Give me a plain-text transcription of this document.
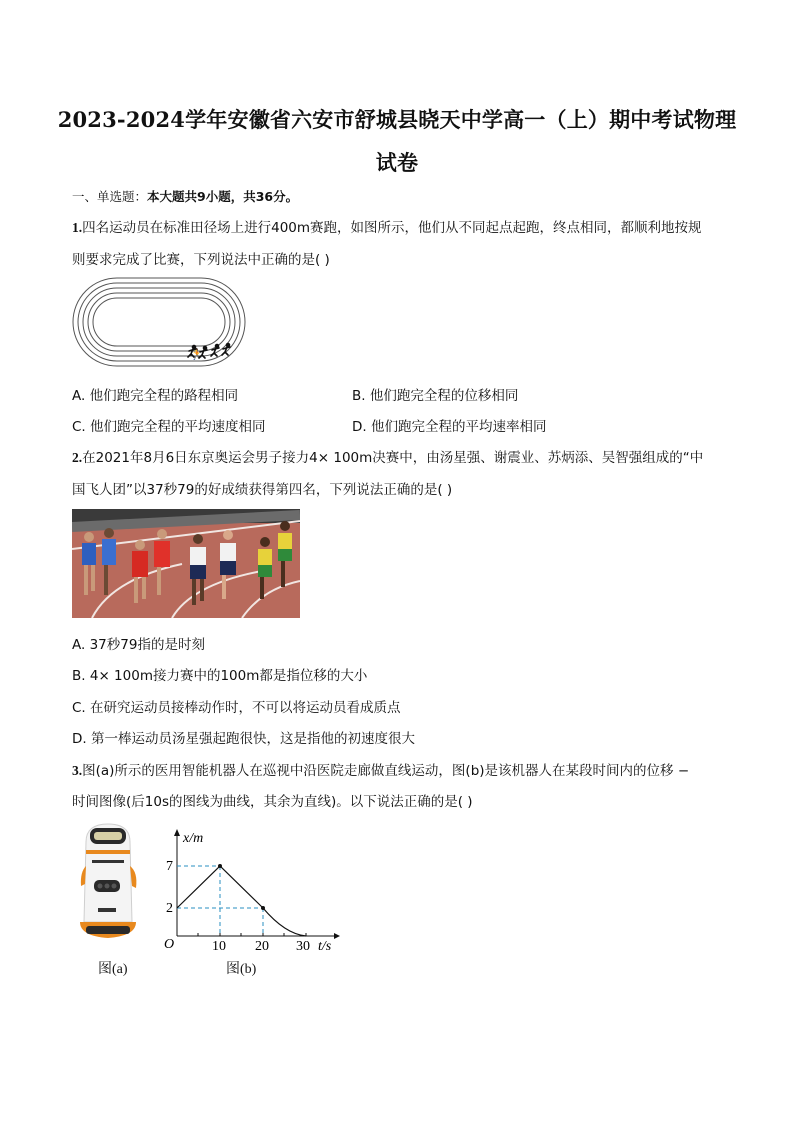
2023-2024学年安徽省六安市舒城县晓天中学高一（上）期中考试物理
试卷
一、单选题：本大题共9小题，共36分。
1.四名运动员在标准田径场上进行400m赛跑，如图所示，他们从不同起点起跑，终点相同，都顺利地按规
则要求完成了比赛，下列说法中正确的是( )
🏃
A. 他们跑完全程的路程相同	B. 他们跑完全程的位移相同
C. 他们跑完全程的平均速度相同	D. 他们跑完全程的平均速率相同
2.在2021年8月6日东京奥运会男子接力4× 100m决赛中，由汤星强、谢震业、苏炳添、吴智强组成的“中
国飞人团”以37秒79的好成绩获得第四名，下列说法正确的是( )
A. 37秒79指的是时刻
B. 4× 100m接力赛中的100m都是指位移的大小
C. 在研究运动员接棒动作时，不可以将运动员看成质点
D. 第一棒运动员汤星强起跑很快，这是指他的初速度很大
3.图(a)所示的医用智能机器人在巡视中沿医院走廊做直线运动，图(b)是该机器人在某段时间内的位移 −
时间图像(后10s的图线为曲线，其余为直线)。以下说法正确的是( )
图(a)
x/m
7
2
O	10 20 30 t/s
图(b)
